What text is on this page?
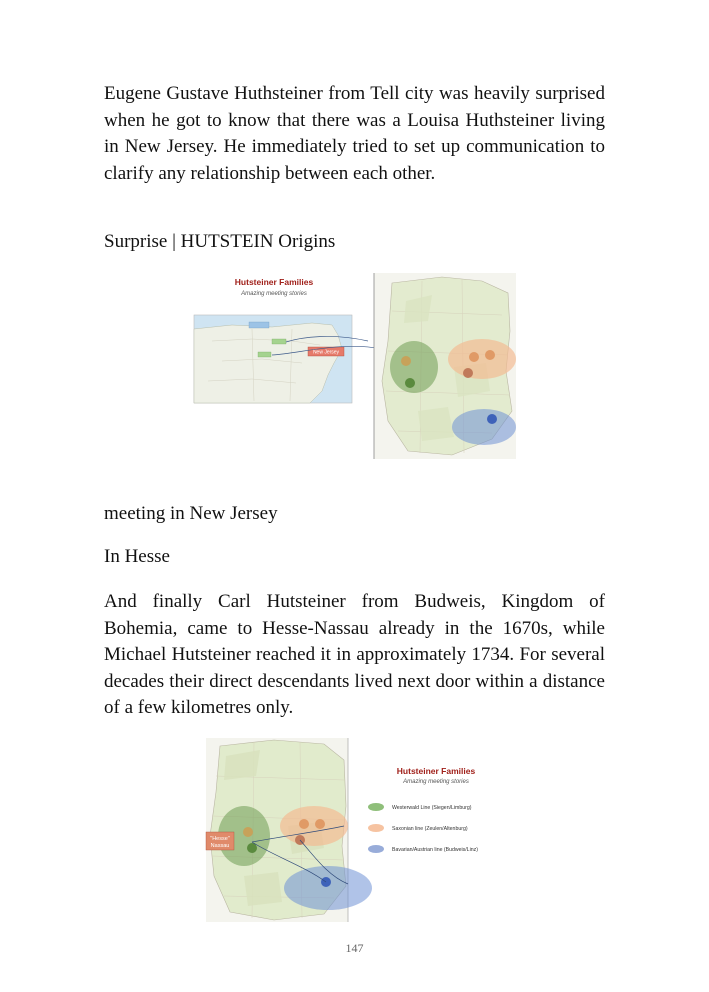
Eugene Gustave Huthsteiner from Tell city was heavily surprised when he got to know that there was a Louisa Huthsteiner living in New Jersey. He immediately tried to set up communication to clarify any relationship between each other.

Surprise | HUTSTEIN Origins

Hutsteiner Families
Amazing meeting stories
New Jersey

meeting in New Jersey

In Hesse

And finally Carl Hutsteiner from Budweis, Kingdom of Bohemia, came to Hesse-Nassau already in the 1670s, while Michael Hutsteiner reached it in approximately 1734. For several decades their direct descendants lived next door within a distance of a few kilometres only.

"Hesse"
Nassau
Hutsteiner Families
Amazing meeting stories
Westerwald Line (Siegen/Limburg)
Saxonian line (Zeulen/Altenburg)
Bavarian/Austrian line (Budweis/Linz)
147
